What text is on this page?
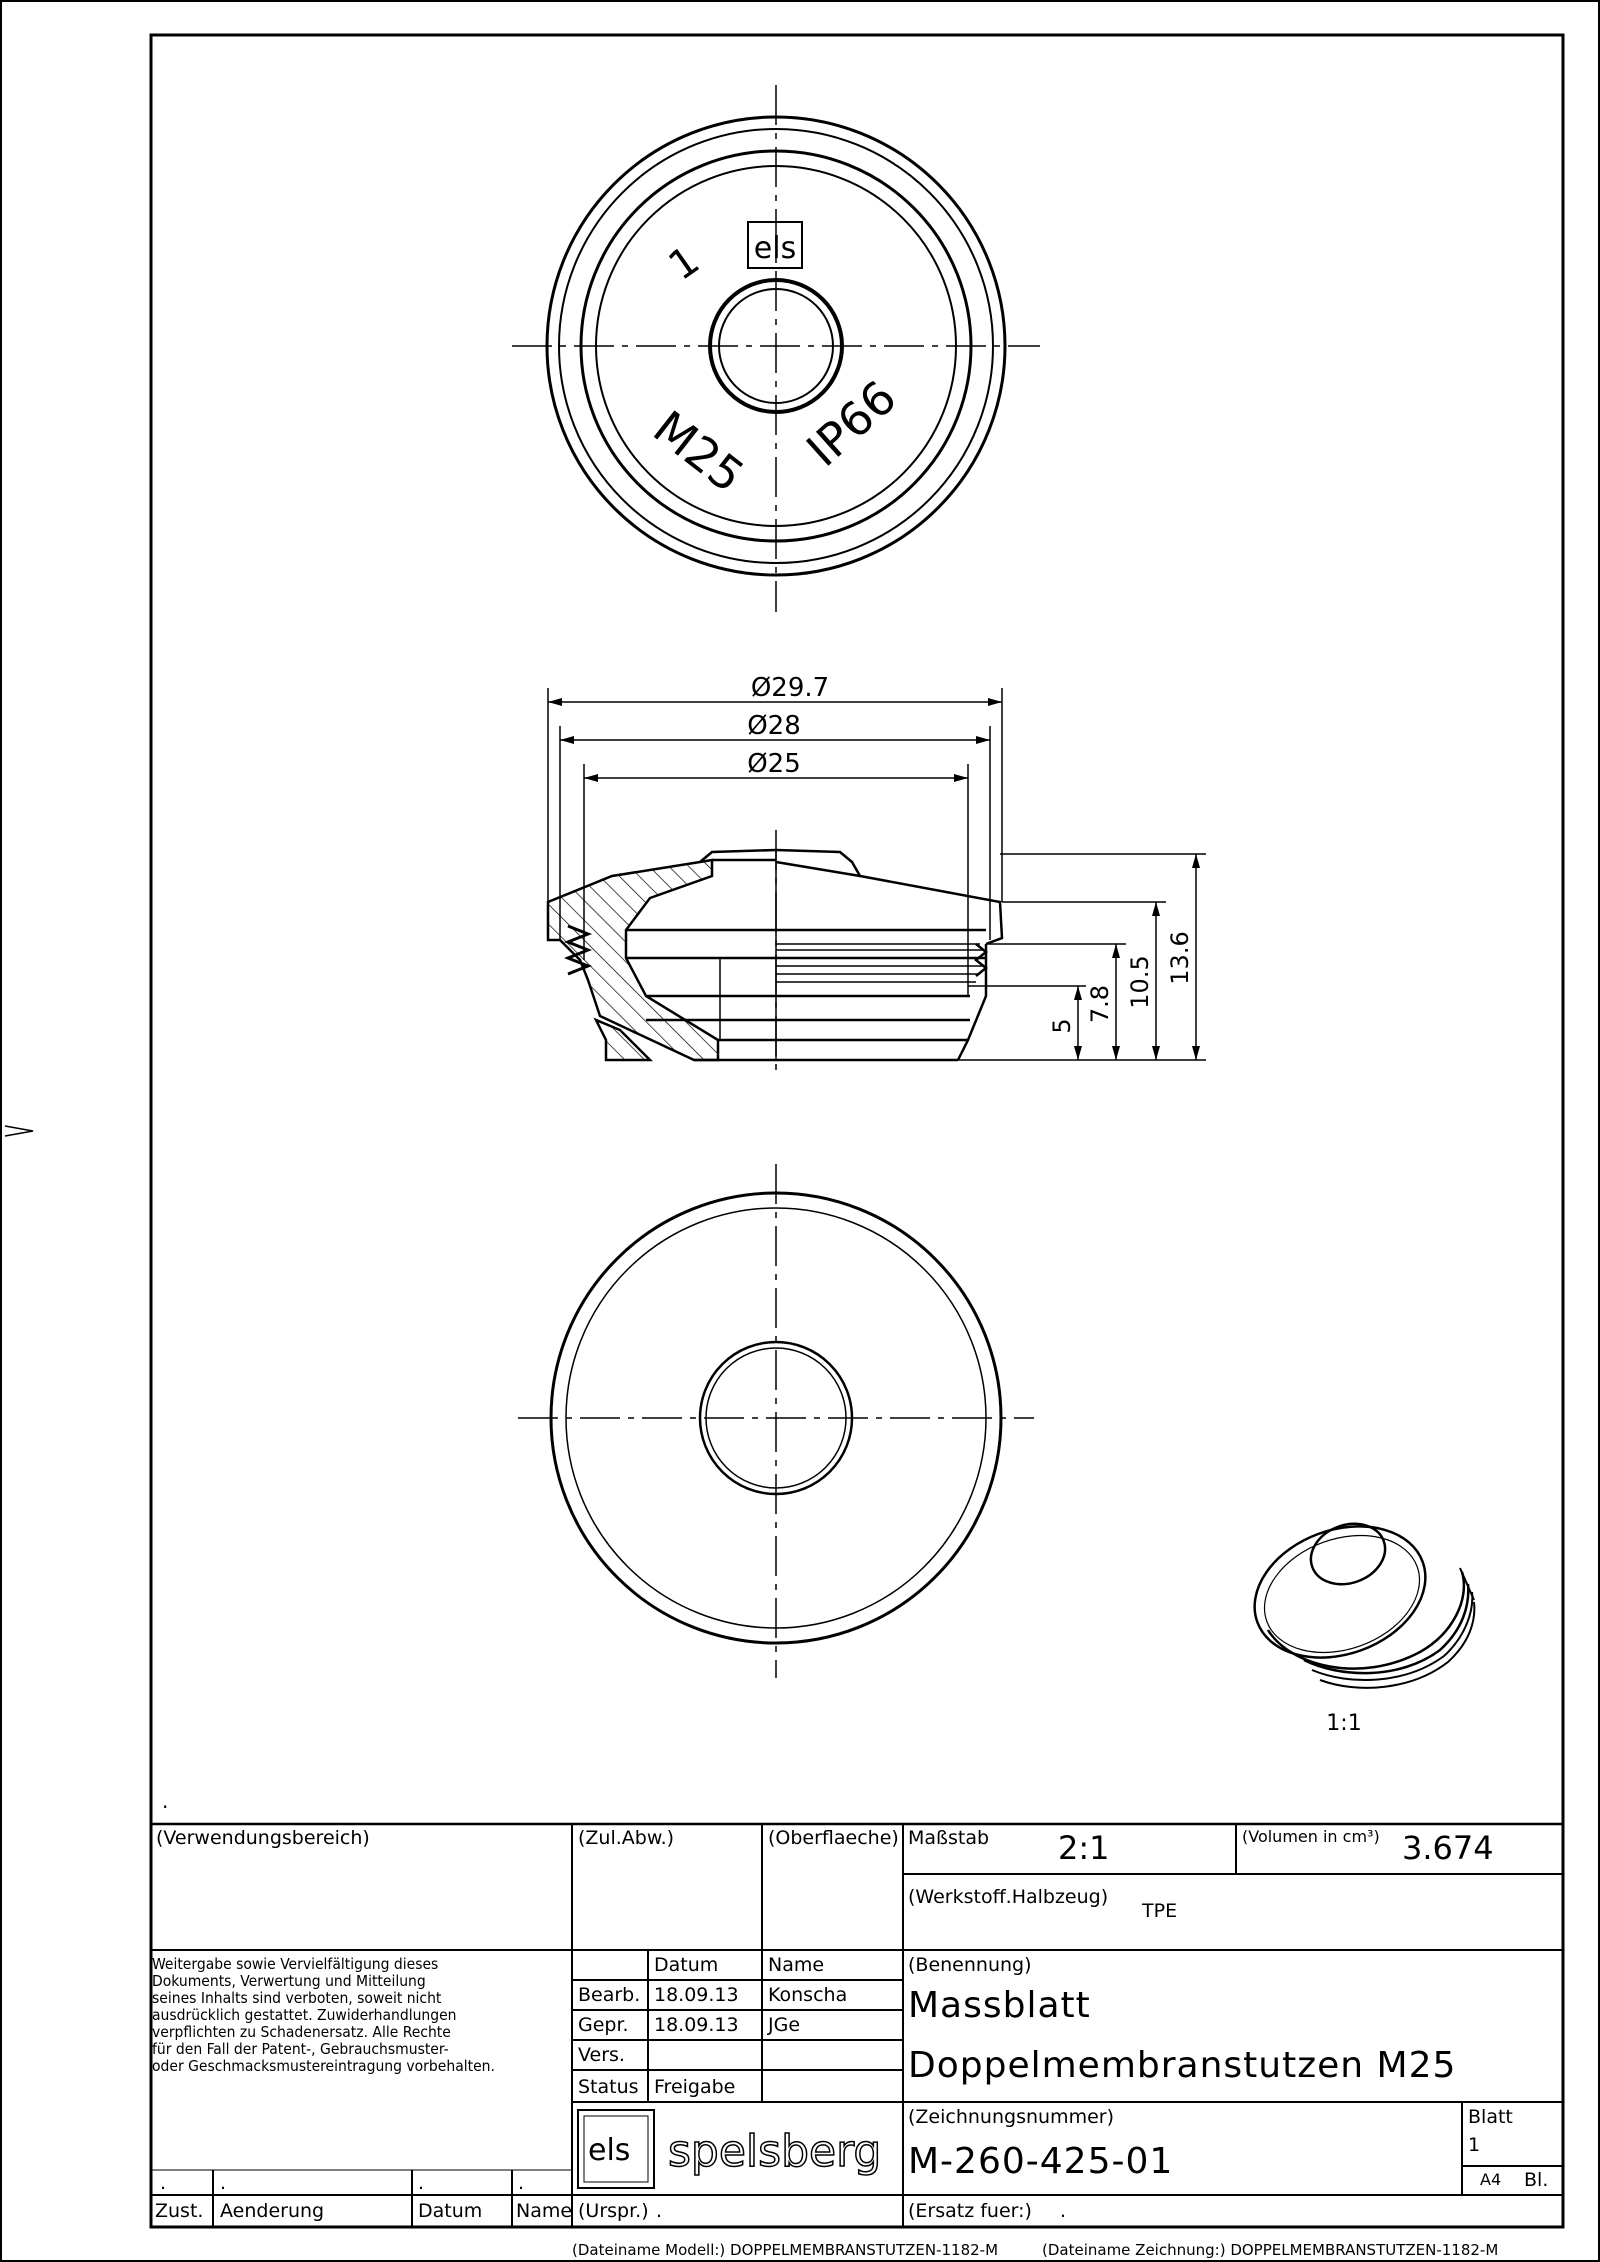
els
1
M25 IP66
Ø29.7
Ø28
Ø25
5
7.8 10.5 13.6
1:1
.
(Verwendungsbereich)	(Zul.Abw.)	(Oberflaeche) Maßstab 2:1	(Volumen in cm³) 3.674
(Werkstoff.Halbzeug)
TPE
Weitergabe sowie Vervielfältigung dieses
Dokuments, Verwertung und Mitteilung
seines Inhalts sind verboten, soweit nicht
ausdrücklich gestattet. Zuwiderhandlungen
verpflichten zu Schadenersatz. Alle Rechte
für den Fall der Patent-, Gebrauchsmuster-
oder Geschmacksmustereintragung vorbehalten.
Datum	Name
Bearb. 18.09.13 Konscha
Gepr. 18.09.13 JGe
Vers.
Status Freigabe
(Benennung)
Massblatt
Doppelmembranstutzen M25
els spelsberg
(Zeichnungsnummer)
M-260-425-01
Blatt
1
A4 Bl.
(Urspr.) .	(Ersatz fuer:) .
.	.	.	.
Zust. Aenderung	Datum Name
(Dateiname Modell:) DOPPELMEMBRANSTUTZEN-1182-M	(Dateiname Zeichnung:) DOPPELMEMBRANSTUTZEN-1182-M
